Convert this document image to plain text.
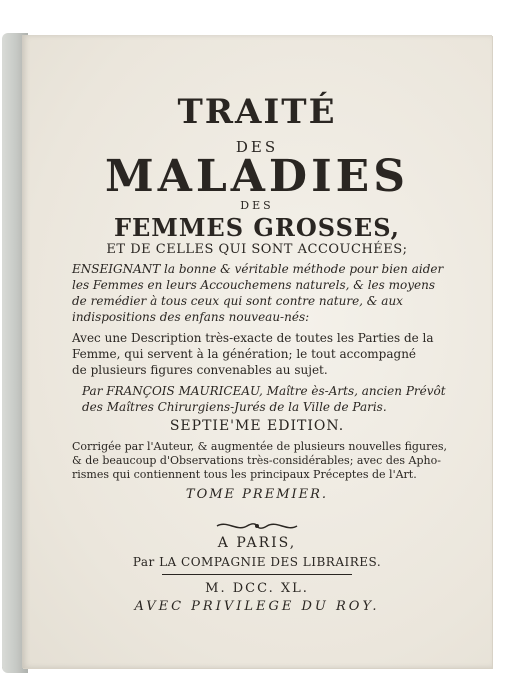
TRAITÉ
DES
MALADIES
DES
FEMMES GROSSES,
ET DE CELLES QUI SONT ACCOUCHÉES;
ENSEIGNANT la bonne & véritable méthode pour bien aider
les Femmes en leurs Accouchemens naturels, & les moyens
de remédier à tous ceux qui sont contre nature, & aux
indispositions des enfans nouveau-nés:
Avec une Description très-exacte de toutes les Parties de la
Femme, qui servent à la génération; le tout accompagné
de plusieurs figures convenables au sujet.
Par FRANÇOIS MAURICEAU, Maître ès-Arts, ancien Prévôt
des Maîtres Chirurgiens-Jurés de la Ville de Paris.
SEPTIE'ME EDITION.
Corrigée par l'Auteur, & augmentée de plusieurs nouvelles figures,
& de beaucoup d'Observations très-considérables; avec des Apho-
rismes qui contiennent tous les principaux Préceptes de l'Art.
TOME PREMIER.
A PARIS,
Par LA COMPAGNIE DES LIBRAIRES.
M. DCC. XL.
AVEC PRIVILEGE DU ROY.
